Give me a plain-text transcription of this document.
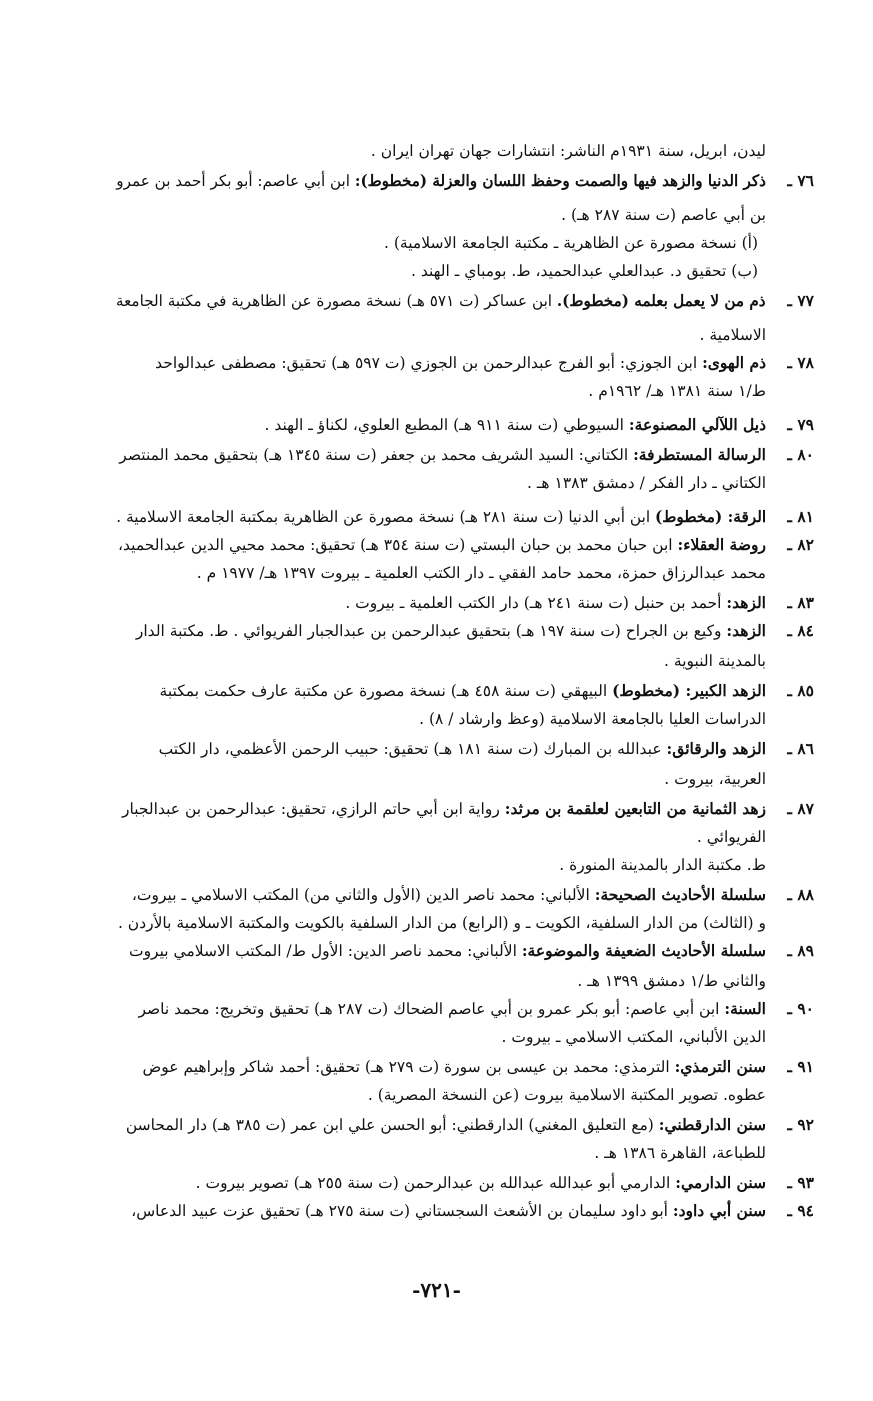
ليدن، ابريل، سنة ١٩٣١م الناشر: انتشارات جهان تهران ايران .
٧٦ ـ
ذكر الدنيا والزهد فيها والصمت وحفظ اللسان والعزلة (مخطوط): ابن أبي عاصم: أبو بكر أحمد بن عمرو
بن أبي عاصم (ت سنة ٢٨٧ هـ) .
(أ) نسخة مصورة عن الظاهرية ـ مكتبة الجامعة الاسلامية) .
(ب) تحقيق د. عبدالعلي عبدالحميد، ط. بومباي ـ الهند .
٧٧ ـ
ذم من لا يعمل بعلمه (مخطوط). ابن عساكر (ت ٥٧١ هـ) نسخة مصورة عن الظاهرية في مكتبة الجامعة
الاسلامية .
٧٨ ـ
ذم الهوى: ابن الجوزي: أبو الفرج عبدالرحمن بن الجوزي (ت ٥٩٧ هـ) تحقيق: مصطفى عبدالواحد
ط/١ سنة ١٣٨١ هـ/ ١٩٦٢م .
٧٩ ـ
ذيل اللآلي المصنوعة: السيوطي (ت سنة ٩١١ هـ) المطبع العلوي، لكناؤ ـ الهند .
٨٠ ـ
الرسالة المستطرفة: الكتاني: السيد الشريف محمد بن جعفر (ت سنة ١٣٤٥ هـ) بتحقيق محمد المنتصر
الكتاني ـ دار الفكر / دمشق ١٣٨٣ هـ .
٨١ ـ
الرقة: (مخطوط) ابن أبي الدنيا (ت سنة ٢٨١ هـ) نسخة مصورة عن الظاهرية بمكتبة الجامعة الاسلامية .
٨٢ ـ
روضة العقلاء: ابن حبان محمد بن حبان البستي (ت سنة ٣٥٤ هـ) تحقيق: محمد محيي الدين عبدالحميد،
محمد عبدالرزاق حمزة، محمد حامد الفقي ـ دار الكتب العلمية ـ بيروت ١٣٩٧ هـ/ ١٩٧٧ م .
٨٣ ـ
الزهد: أحمد بن حنبل (ت سنة ٢٤١ هـ) دار الكتب العلمية ـ بيروت .
٨٤ ـ
الزهد: وكيع بن الجراح (ت سنة ١٩٧ هـ) بتحقيق عبدالرحمن بن عبدالجبار الفريوائي . ط. مكتبة الدار
بالمدينة النبوية .
٨٥ ـ
الزهد الكبير: (مخطوط) البيهقي (ت سنة ٤٥٨ هـ) نسخة مصورة عن مكتبة عارف حكمت بمكتبة
الدراسات العليا بالجامعة الاسلامية (وعظ وارشاد / ٨) .
٨٦ ـ
الزهد والرقائق: عبدالله بن المبارك (ت سنة ١٨١ هـ) تحقيق: حبيب الرحمن الأعظمي، دار الكتب
العربية، بيروت .
٨٧ ـ
زهد الثمانية من التابعين لعلقمة بن مرثد: رواية ابن أبي حاتم الرازي، تحقيق: عبدالرحمن بن عبدالجبار
الفريوائي .
ط. مكتبة الدار بالمدينة المنورة .
٨٨ ـ
سلسلة الأحاديث الصحيحة: الألباني: محمد ناصر الدين (الأول والثاني من) المكتب الاسلامي ـ بيروت،
و (الثالث) من الدار السلفية، الكويت ـ و (الرابع) من الدار السلفية بالكويت والمكتبة الاسلامية بالأردن .
٨٩ ـ
سلسلة الأحاديث الضعيفة والموضوعة: الألباني: محمد ناصر الدين: الأول ط/ المكتب الاسلامي بيروت
والثاني ط/١ دمشق ١٣٩٩ هـ .
٩٠ ـ
السنة: ابن أبي عاصم: أبو بكر عمرو بن أبي عاصم الضحاك (ت ٢٨٧ هـ) تحقيق وتخريج: محمد ناصر
الدين الألباني، المكتب الاسلامي ـ بيروت .
٩١ ـ
سنن الترمذي: الترمذي: محمد بن عيسى بن سورة (ت ٢٧٩ هـ) تحقيق: أحمد شاكر وإبراهيم عوض
عطوه. تصوير المكتبة الاسلامية بيروت (عن النسخة المصرية) .
٩٢ ـ
سنن الدارقطني: (مع التعليق المغني) الدارقطني: أبو الحسن علي ابن عمر (ت ٣٨٥ هـ) دار المحاسن
للطباعة، القاهرة ١٣٨٦ هـ .
٩٣ ـ
سنن الدارمي: الدارمي أبو عبدالله عبدالله بن عبدالرحمن (ت سنة ٢٥٥ هـ) تصوير بيروت .
٩٤ ـ
سنن أبي داود: أبو داود سليمان بن الأشعث السجستاني (ت سنة ٢٧٥ هـ) تحقيق عزت عبيد الدعاس،
-٧٢١-
